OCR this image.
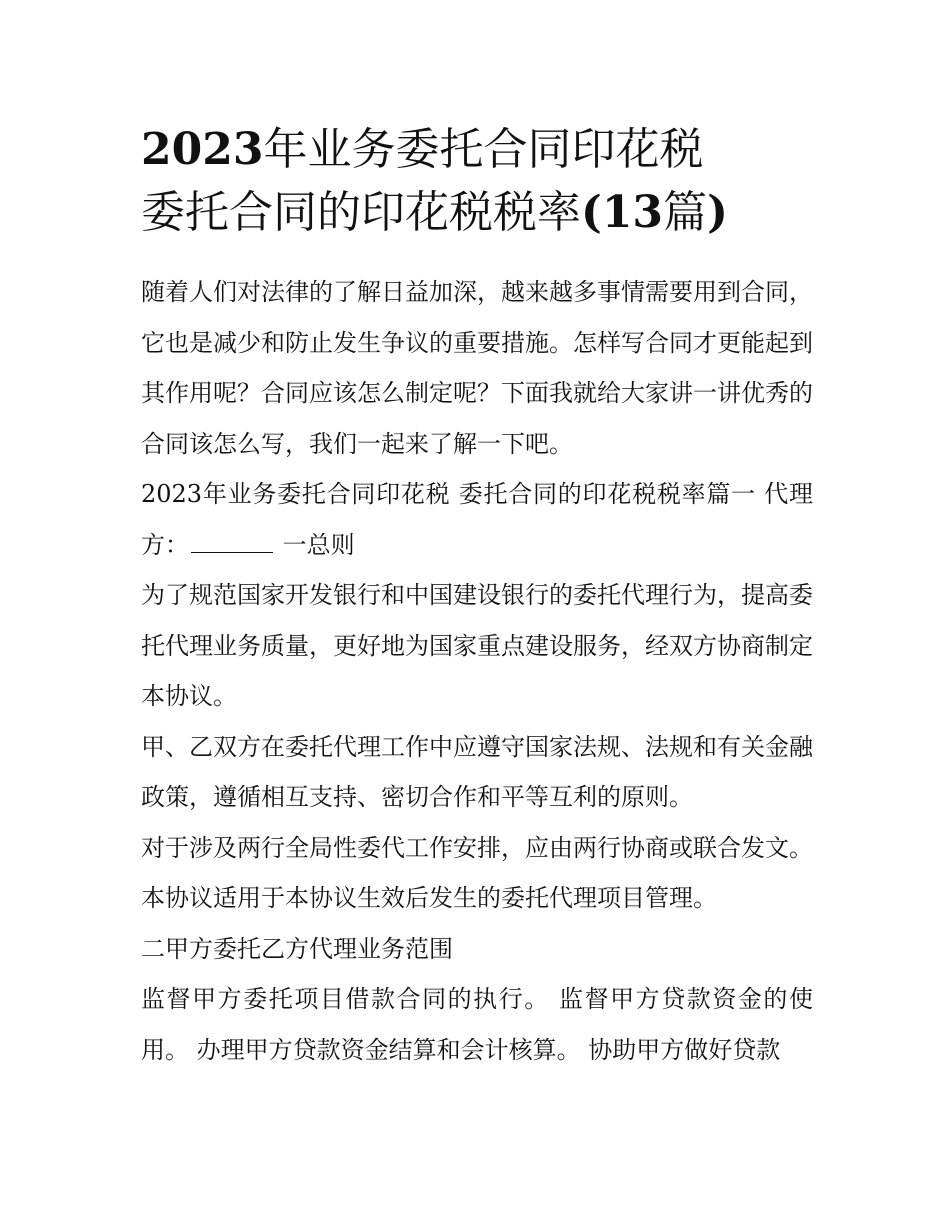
2023年业务委托合同印花税
委托合同的印花税税率(13篇)

随着人们对法律的了解日益加深，越来越多事情需要用到合同，它也是减少和防止发生争议的重要措施。怎样写合同才更能起到其作用呢？合同应该怎么制定呢？下面我就给大家讲一讲优秀的合同该怎么写，我们一起来了解一下吧。

2023年业务委托合同印花税 委托合同的印花税税率篇一 代理方：	一总则

为了规范国家开发银行和中国建设银行的委托代理行为，提高委托代理业务质量，更好地为国家重点建设服务，经双方协商制定本协议。

甲、乙双方在委托代理工作中应遵守国家法规、法规和有关金融政策，遵循相互支持、密切合作和平等互利的原则。

对于涉及两行全局性委代工作安排，应由两行协商或联合发文。 本协议适用于本协议生效后发生的委托代理项目管理。

二甲方委托乙方代理业务范围

监督甲方委托项目借款合同的执行。 监督甲方贷款资金的使用。 办理甲方贷款资金结算和会计核算。 协助甲方做好贷款
